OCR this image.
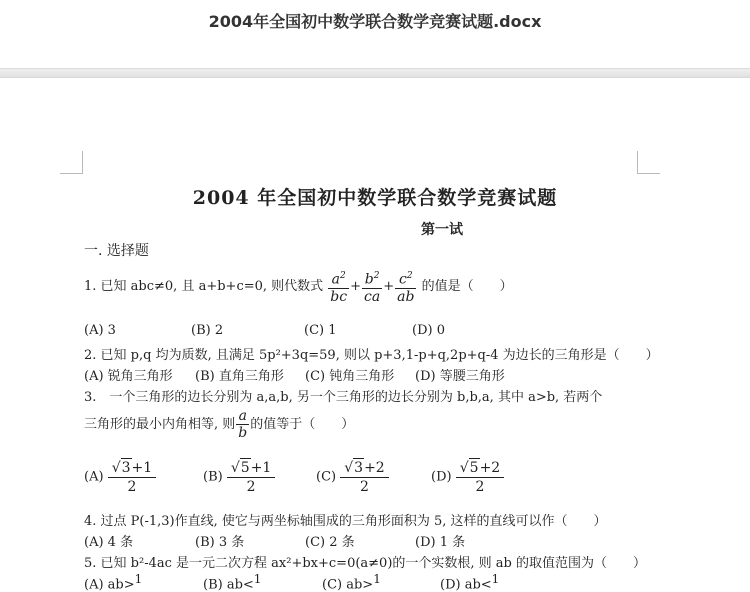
2004年全国初中数学联合数学竞赛试题.docx
2004 年全国初中数学联合数学竞赛试题
第一试
一. 选择题
1. 已知 abc≠0, 且 a+b+c=0, 则代数式 $\frac{a^2}{bc} + \frac{b^2}{ca} + \frac{c^2}{ab}$ 的值是（　　）
(A) 3	(B) 2	(C) 1	(D) 0
2. 已知 p,q 均为质数, 且满足 5p²+3q=59, 则以 p+3,1-p+q,2p+q-4 为边长的三角形是（　　）
(A) 锐角三角形 (B) 直角三角形 (C) 钝角三角形 (D) 等腰三角形
3.　一个三角形的边长分别为 a,a,b, 另一个三角形的边长分别为 b,b,a, 其中 a>b, 若两个
三角形的最小内角相等, 则 $\frac{a}{b}$ 的值等于（　　）
$(A) \frac{√3+1}{2}$	$(B) \frac{√5+1}{2}$	$(C) \frac{√3+2}{2}$	$(D) \frac{√5+2}{2}$
4. 过点 P(-1,3)作直线, 使它与两坐标轴围成的三角形面积为 5, 这样的直线可以作（　　）
(A) 4 条	(B) 3 条	(C) 2 条	(D) 1 条
5. 已知 b²-4ac 是一元二次方程 ax²+bx+c=0(a≠0)的一个实数根, 则 ab 的取值范围为（　　）
(A) ab>$^1$	(B) ab<$^1$	(C) ab>$^1$	(D) ab<$^1$
